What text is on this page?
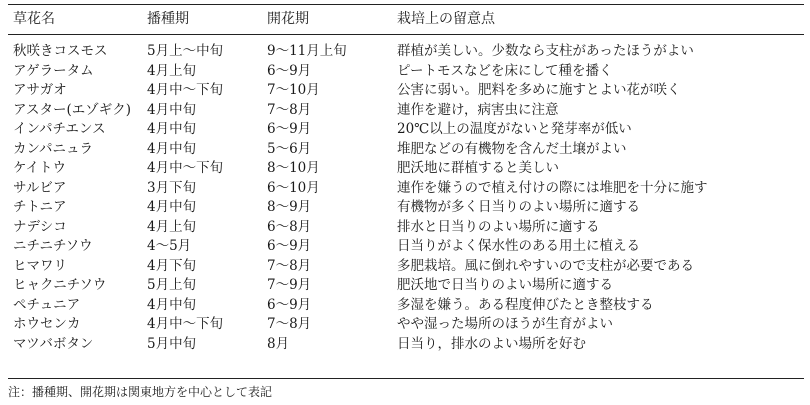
草花名	播種期	開花期	栽培上の留意点
秋咲きコスモス	5月上～中旬	9～11月上旬	群植が美しい。少数なら支柱があったほうがよい
アゲラータム	4月上旬	6～9月	ピートモスなどを床にして種を播く
アサガオ	4月中～下旬	7～10月	公害に弱い。肥料を多めに施すとよい花が咲く
アスター(エゾギク)	4月中旬	7～8月	連作を避け，病害虫に注意
インパチエンス	4月中旬	6～9月	20℃以上の温度がないと発芽率が低い
カンパニュラ	4月中旬	5～6月	堆肥などの有機物を含んだ土壌がよい
ケイトウ	4月中～下旬	8～10月	肥沃地に群植すると美しい
サルビア	3月下旬	6～10月	連作を嫌うので植え付けの際には堆肥を十分に施す
チトニア	4月中旬	8～9月	有機物が多く日当りのよい場所に適する
ナデシコ	4月上旬	6～8月	排水と日当りのよい場所に適する
ニチニチソウ	4～5月	6～9月	日当りがよく保水性のある用土に植える
ヒマワリ	4月下旬	7～8月	多肥栽培。風に倒れやすいので支柱が必要である
ヒャクニチソウ	5月上旬	7～9月	肥沃地で日当りのよい場所に適する
ペチュニア	4月中旬	6～9月	多湿を嫌う。ある程度伸びたとき整枝する
ホウセンカ	4月中～下旬	7～8月	やや湿った場所のほうが生育がよい
マツバボタン	5月中旬	8月	日当り，排水のよい場所を好む
注：播種期、開花期は関東地方を中心として表記
